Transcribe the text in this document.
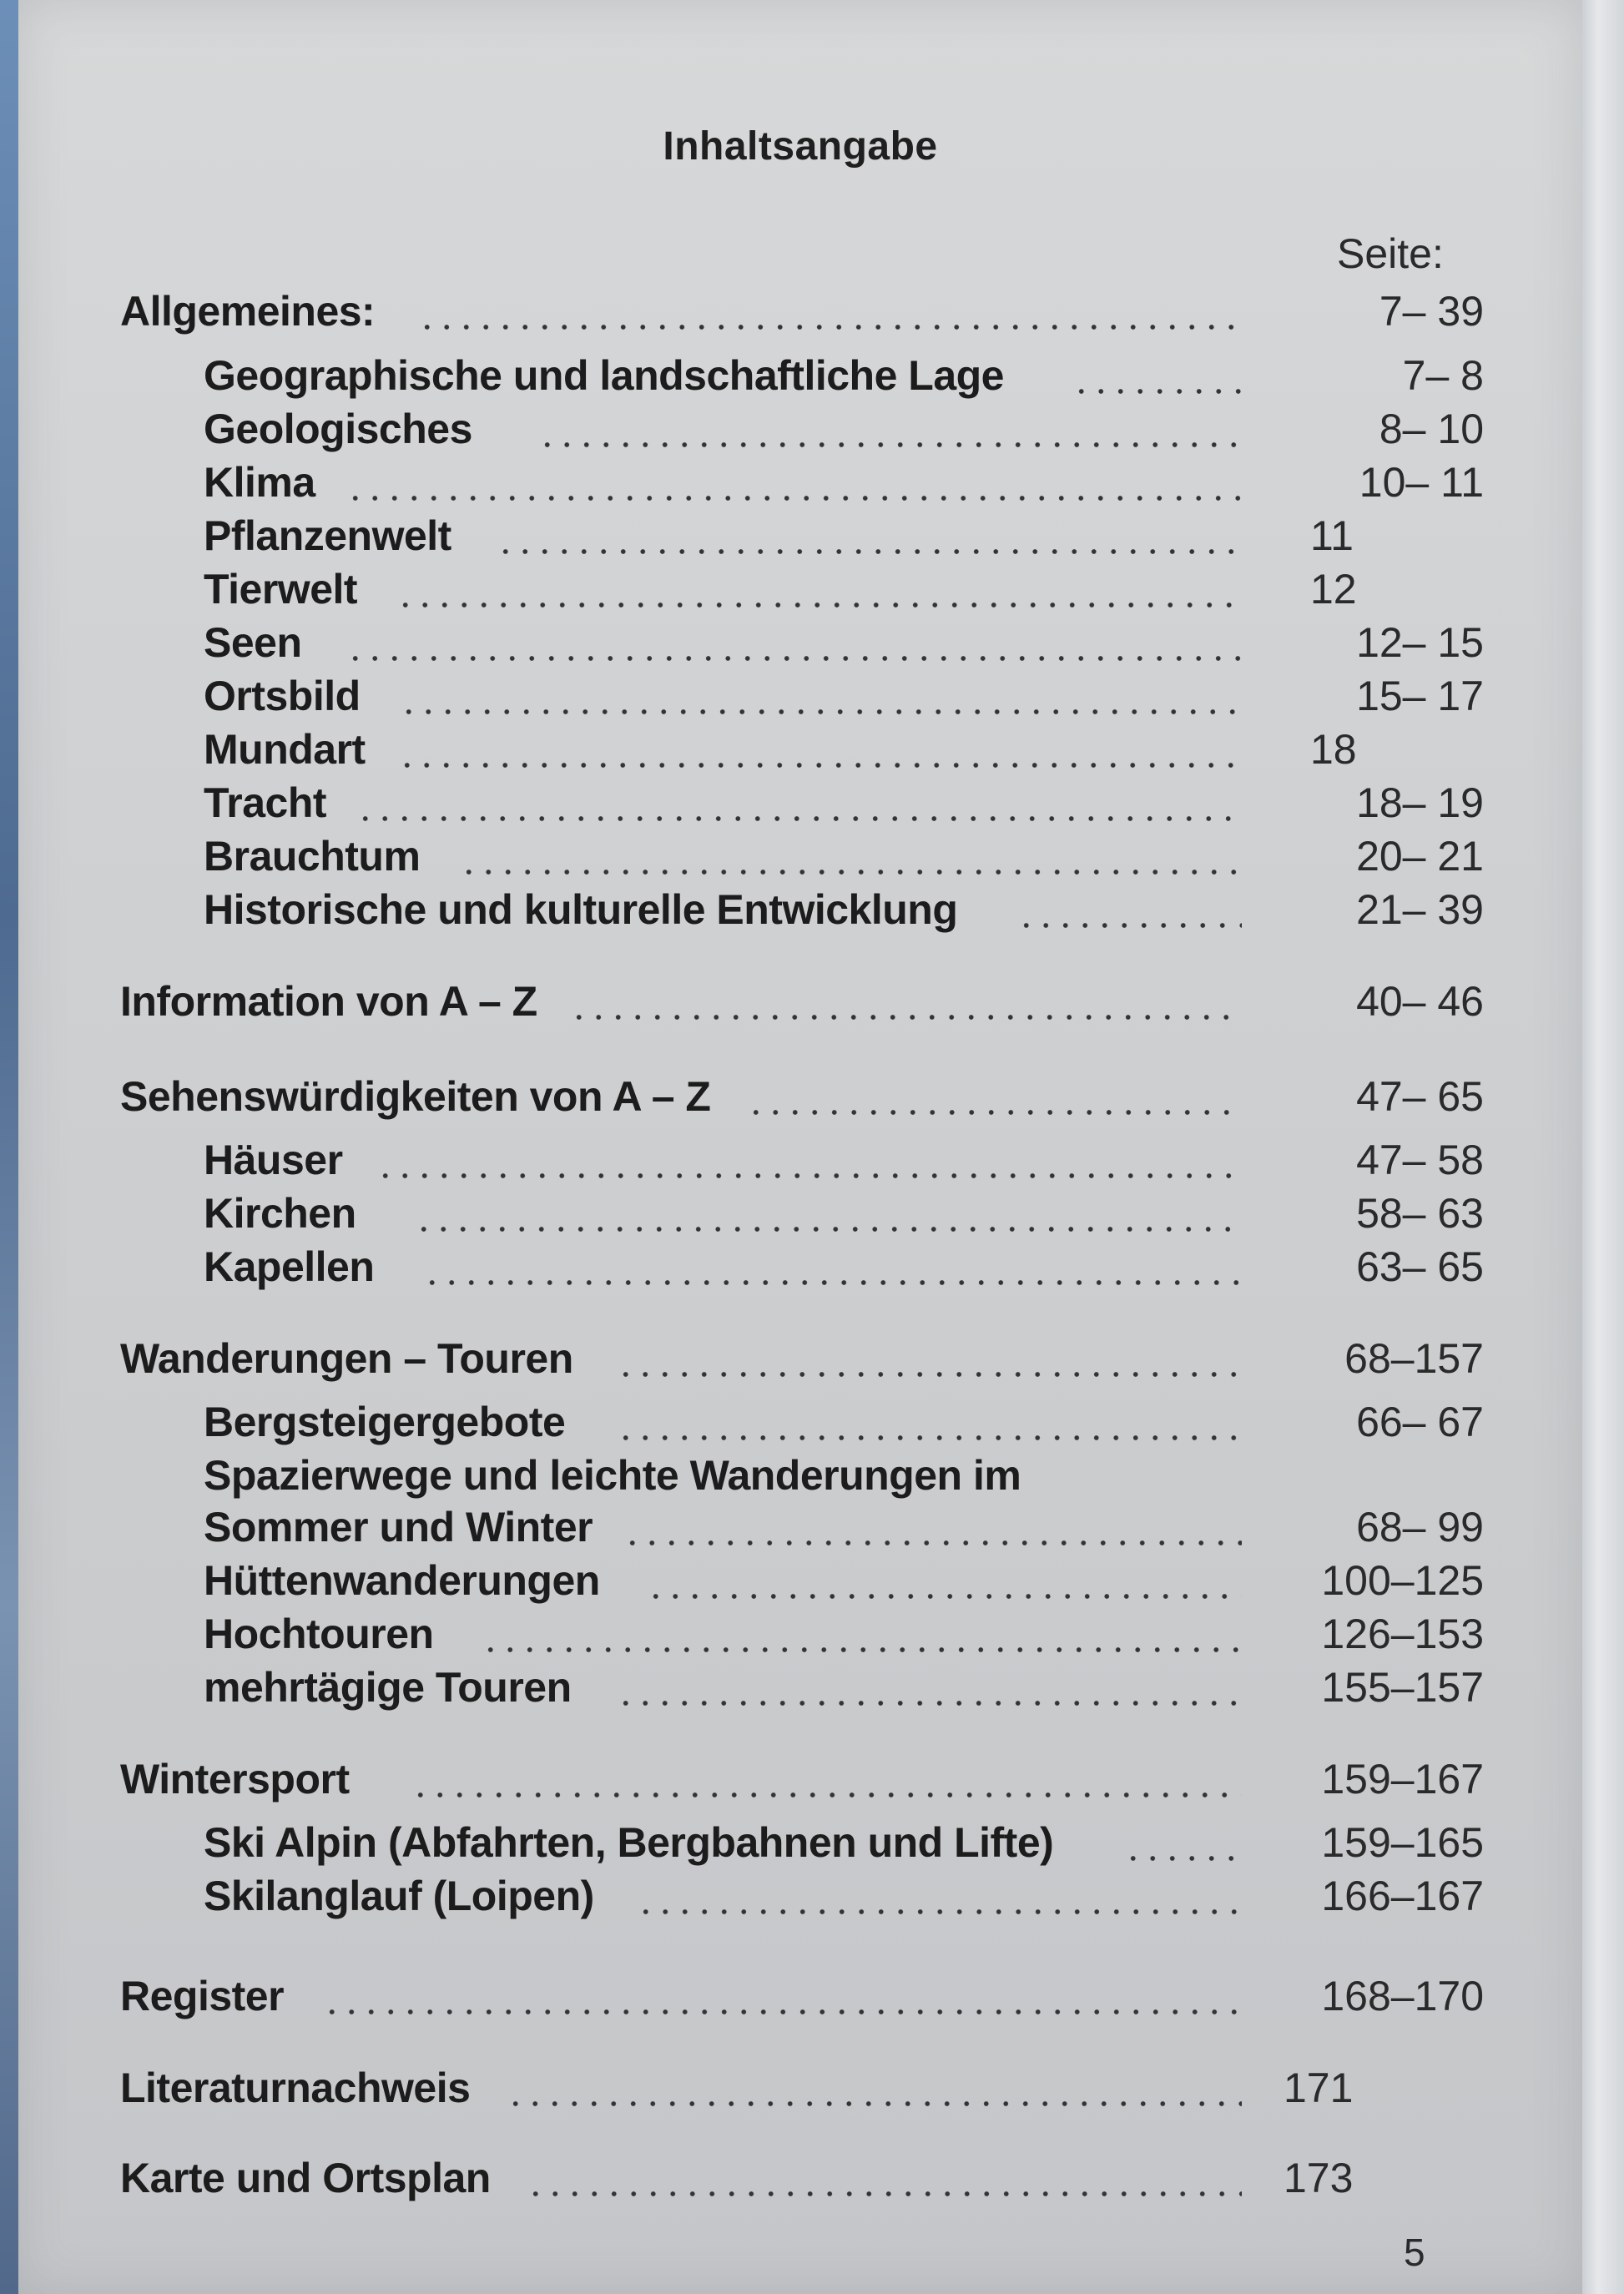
Inhaltsangabe
Seite:
Allgemeines:	7– 39
Geographische und landschaftliche Lage	7– 8
Geologisches	8– 10
Klima	10– 11
Pflanzenwelt	11
Tierwelt	12
Seen	12– 15
Ortsbild	15– 17
Mundart	18
Tracht	18– 19
Brauchtum	20– 21
Historische und kulturelle Entwicklung	21– 39
Information von A – Z	40– 46
Sehenswürdigkeiten von A – Z	47– 65
Häuser	47– 58
Kirchen	58– 63
Kapellen	63– 65
Wanderungen – Touren	68–157
Bergsteigergebote	66– 67
Spazierwege und leichte Wanderungen im
Sommer und Winter	68– 99
Hüttenwanderungen	100–125
Hochtouren	126–153
mehrtägige Touren	155–157
Wintersport	159–167
Ski Alpin (Abfahrten, Bergbahnen und Lifte)	159–165
Skilanglauf (Loipen)	166–167
Register	168–170
Literaturnachweis	171
Karte und Ortsplan	173
5
